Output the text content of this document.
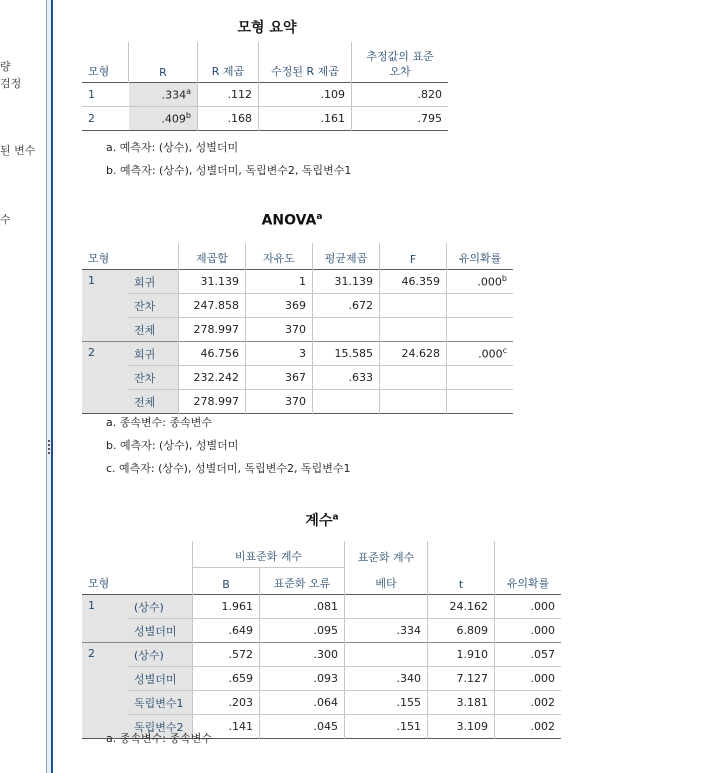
량
검정
된 변수
수
모형 요약
모형	R	R 제곱	수정된 R 제곱	추정값의 표준
오차
1	.334$^a$	.112	.109	.820
2	.409$^b$	.168	.161	.795
a. 예측자: (상수), 성별더미
b. 예측자: (상수), 성별더미, 독립변수2, 독립변수1
ANOVA$^a$
모형		제곱합	자유도	평균제곱	F	유의확률
1	회귀	31.139	1	31.139	46.359	.000$^b$
	잔차	247.858	369	.672		
	전체	278.997	370			
2	회귀	46.756	3	15.585	24.628	.000$^c$
	잔차	232.242	367	.633		
	전체	278.997	370			
a. 종속변수: 종속변수
b. 예측자: (상수), 성별더미
c. 예측자: (상수), 성별더미, 독립변수2, 독립변수1
계수$^a$
		비표준화 계수		표준화 계수		
모형		B	표준화 오류	베타	t	유의확률
1	(상수)	1.961	.081		24.162	.000
	성별더미	.649	.095	.334	6.809	.000
2	(상수)	.572	.300		1.910	.057
	성별더미	.659	.093	.340	7.127	.000
	독립변수1	.203	.064	.155	3.181	.002
	독립변수2	.141	.045	.151	3.109	.002
a. 종속변수: 종속변수
